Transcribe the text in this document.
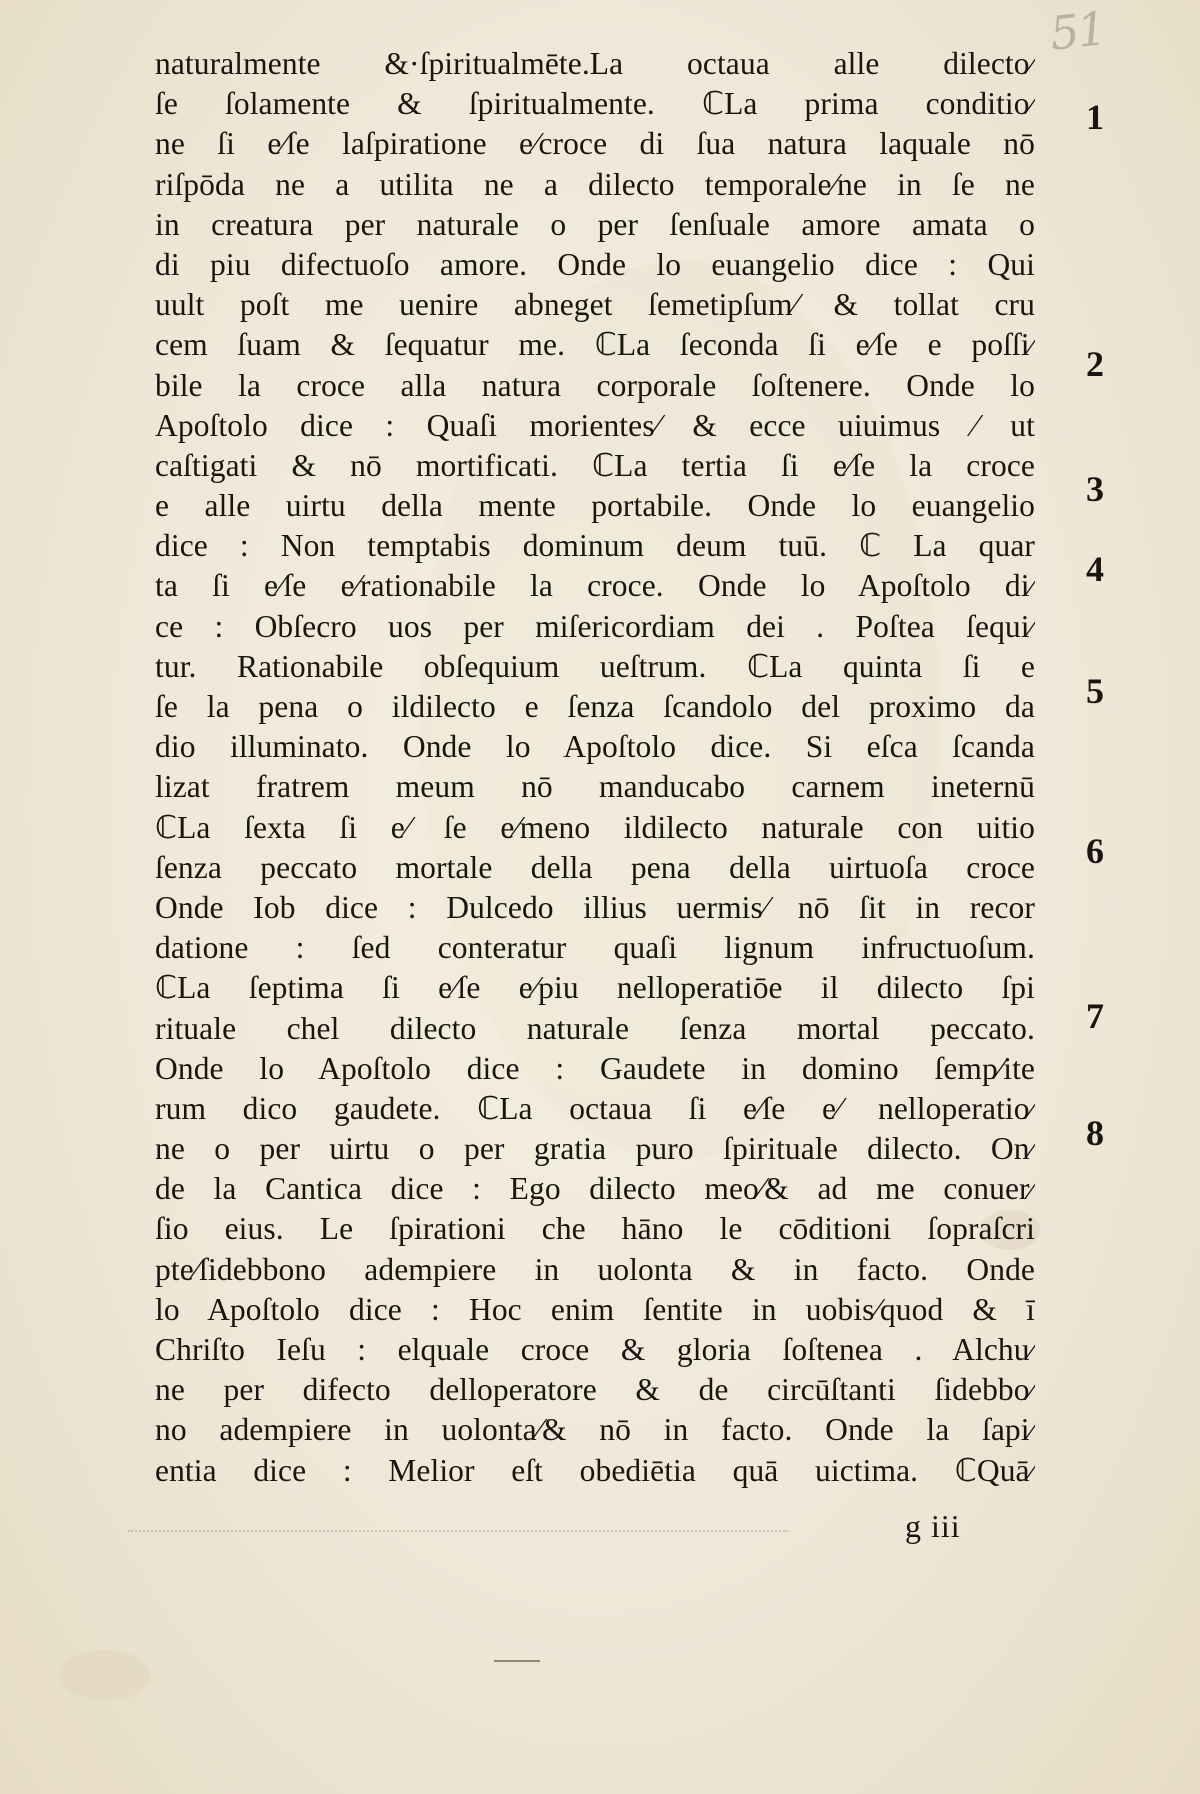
51
naturalmente &·ſpiritualmēte.La octaua alle dilecto⁄
ſe ſolamente & ſpiritualmente. ℂLa prima conditio⁄
ne ſi e⁄ſe laſpiratione e⁄croce di ſua natura laquale nō
riſpōda ne a utilita ne a dilecto temporale⁄ne in ſe ne
in creatura per naturale o per ſenſuale amore amata o
di piu difectuoſo amore. Onde lo euangelio dice : Qui
uult poſt me uenire abneget ſemetipſum⁄ & tollat cru
cem ſuam & ſequatur me. ℂLa ſeconda ſi e⁄ſe e poſſi⁄
bile la croce alla natura corporale ſoſtenere. Onde lo
Apoſtolo dice : Quaſi morientes⁄ & ecce uiuimus ⁄ ut
caſtigati & nō mortificati. ℂLa tertia ſi e⁄ſe la croce
e alle uirtu della mente portabile. Onde lo euangelio
dice : Non temptabis dominum deum tuū. ℂ La quar
ta ſi e⁄ſe e⁄rationabile la croce. Onde lo Apoſtolo di⁄
ce : Obſecro uos per miſericordiam dei . Poſtea ſequi⁄
tur. Rationabile obſequium ueſtrum. ℂLa quinta ſi e
ſe la pena o ildilecto e ſenza ſcandolo del proximo da
dio illuminato. Onde lo Apoſtolo dice. Si eſca ſcanda
lizat fratrem meum nō manducabo carnem ineternū
ℂLa ſexta ſi e⁄ ſe e⁄meno ildilecto naturale con uitio
ſenza peccato mortale della pena della uirtuoſa croce
Onde Iob dice : Dulcedo illius uermis⁄ nō ſit in recor
datione : ſed conteratur quaſi lignum infructuoſum.
ℂLa ſeptima ſi e⁄ſe e⁄piu nelloperatiōe il dilecto ſpi
rituale chel dilecto naturale ſenza mortal peccato.
Onde lo Apoſtolo dice : Gaudete in domino ſemp⁄ite
rum dico gaudete. ℂLa octaua ſi e⁄ſe e⁄ nelloperatio⁄
ne o per uirtu o per gratia puro ſpirituale dilecto. On⁄
de la Cantica dice : Ego dilecto meo⁄& ad me conuer⁄
ſio eius. Le ſpirationi che hāno le cōditioni ſopraſcri
pte⁄ſidebbono adempiere in uolonta & in facto. Onde
lo Apoſtolo dice : Hoc enim ſentite in uobis⁄quod & ī
Chriſto Ieſu : elquale croce & gloria ſoſtenea . Alchu⁄
ne per difecto delloperatore & de circūſtanti ſidebbo⁄
no adempiere in uolonta⁄& nō in facto. Onde la ſapi⁄
entia dice : Melior eſt obediētia quā uictima. ℂQuā⁄
1
2
3
4
5
6
7
8
g iii
